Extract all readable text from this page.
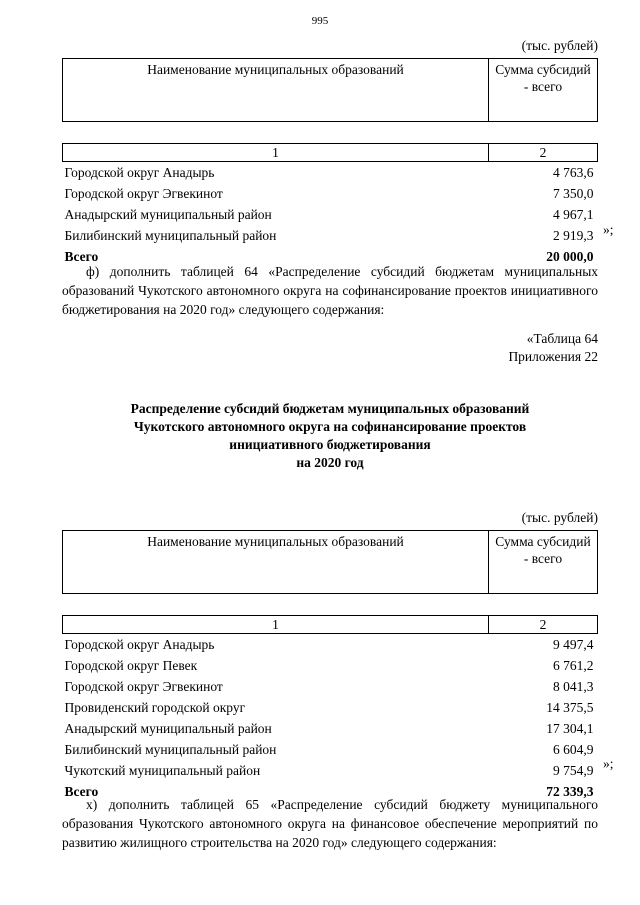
995
(тыс. рублей)
Наименование муниципальных образований	Сумма субсидий - всего

1	2
Городской округ Анадырь	4 763,6
Городской округ Эгвекинот	7 350,0
Анадырский муниципальный район	4 967,1
Билибинский муниципальный район	2 919,3
Всего	20 000,0
»;
ф) дополнить таблицей 64 «Распределение субсидий бюджетам муниципальных образований Чукотского автономного округа на софинансирование проектов инициативного бюджетирования на 2020 год» следующего содержания:
«Таблица 64
Приложения 22
Распределение субсидий бюджетам муниципальных образований
Чукотского автономного округа на софинансирование проектов
инициативного бюджетирования
на 2020 год
(тыс. рублей)
Наименование муниципальных образований	Сумма субсидий - всего

1	2
Городской округ Анадырь	9 497,4
Городской округ Певек	6 761,2
Городской округ Эгвекинот	8 041,3
Провиденский городской округ	14 375,5
Анадырский муниципальный район	17 304,1
Билибинский муниципальный район	6 604,9
Чукотский муниципальный район	9 754,9
Всего	72 339,3
»;
х) дополнить таблицей 65 «Распределение субсидий бюджету муниципального образования Чукотского автономного округа на финансовое обеспечение мероприятий по развитию жилищного строительства на 2020 год» следующего содержания:
